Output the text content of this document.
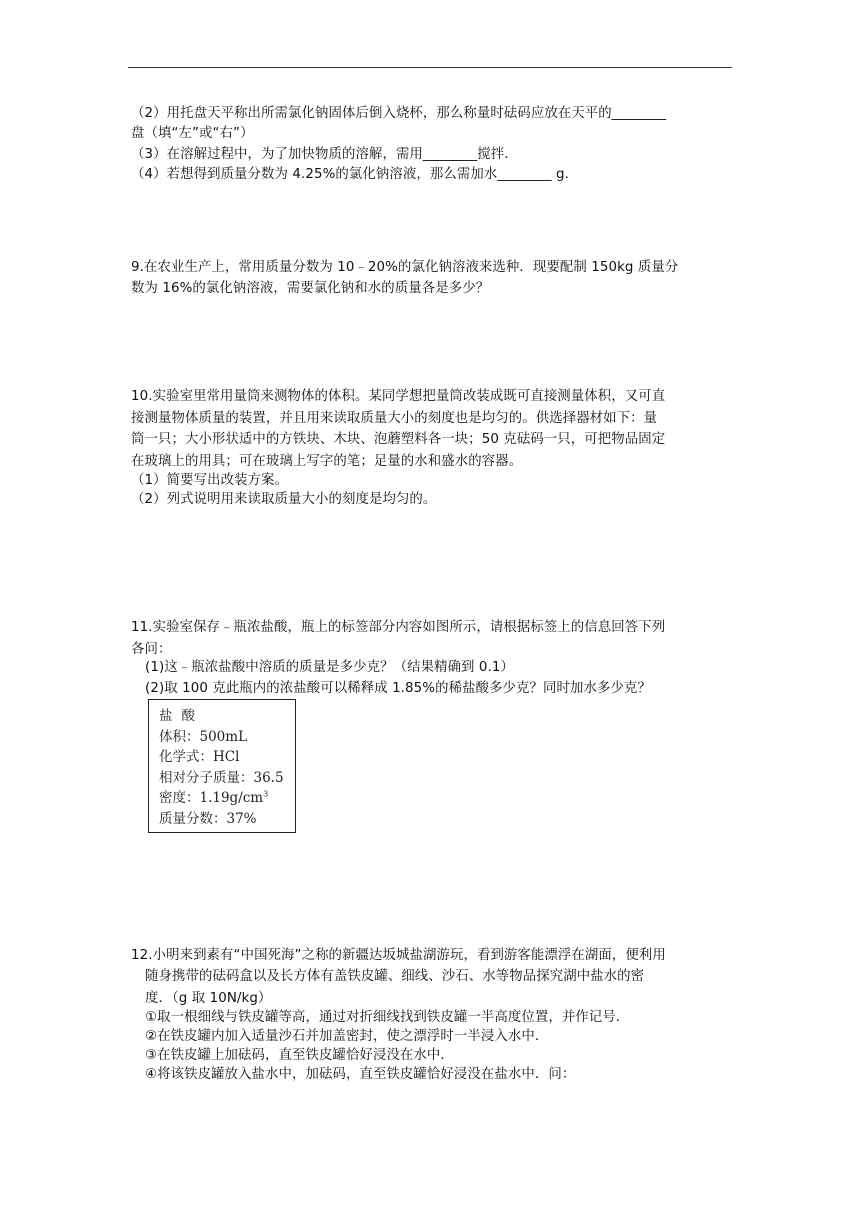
（2）用托盘天平称出所需氯化钠固体后倒入烧杯，那么称量时砝码应放在天平的________
盘（填“左”或“右”）
（3）在溶解过程中，为了加快物质的溶解，需用________搅拌．
（4）若想得到质量分数为 4.25%的氯化钠溶液，那么需加水________ g．
9.在农业生产上，常用质量分数为 10﹣20%的氯化钠溶液来选种．现要配制 150kg 质量分
数为 16%的氯化钠溶液，需要氯化钠和水的质量各是多少？
10.实验室里常用量筒来测物体的体积。某同学想把量筒改装成既可直接测量体积，又可直
接测量物体质量的装置，并且用来读取质量大小的刻度也是均匀的。供选择器材如下：量
筒一只；大小形状适中的方铁块、木块、泡蘑塑料各一块；50 克砝码一只，可把物品固定
在玻璃上的用具；可在玻璃上写字的笔；足量的水和盛水的容器。
（1）简要写出改装方案。
（2）列式说明用来读取质量大小的刻度是均匀的。
11.实验室保存﹣瓶浓盐酸，瓶上的标签部分内容如图所示，请根据标签上的信息回答下列
各问：
(1)这﹣瓶浓盐酸中溶质的质量是多少克？（结果精确到 0.1）
(2)取 100 克此瓶内的浓盐酸可以稀释成 1.85%的稀盐酸多少克？同时加水多少克？
盐酸
体积：500mL
化学式：HCl
相对分子质量：36.5
密度：$1.19g/cm^3$
质量分数：37%
12.小明来到素有“中国死海”之称的新疆达坂城盐湖游玩，看到游客能漂浮在湖面，便利用
随身携带的砝码盒以及长方体有盖铁皮罐、细线、沙石、水等物品探究湖中盐水的密
度．（g 取 10N/kg）
①取一根细线与铁皮罐等高，通过对折细线找到铁皮罐一半高度位置，并作记号．
②在铁皮罐内加入适量沙石并加盖密封，使之漂浮时一半浸入水中．
③在铁皮罐上加砝码，直至铁皮罐恰好浸没在水中．
④将该铁皮罐放入盐水中，加砝码，直至铁皮罐恰好浸没在盐水中．问：
